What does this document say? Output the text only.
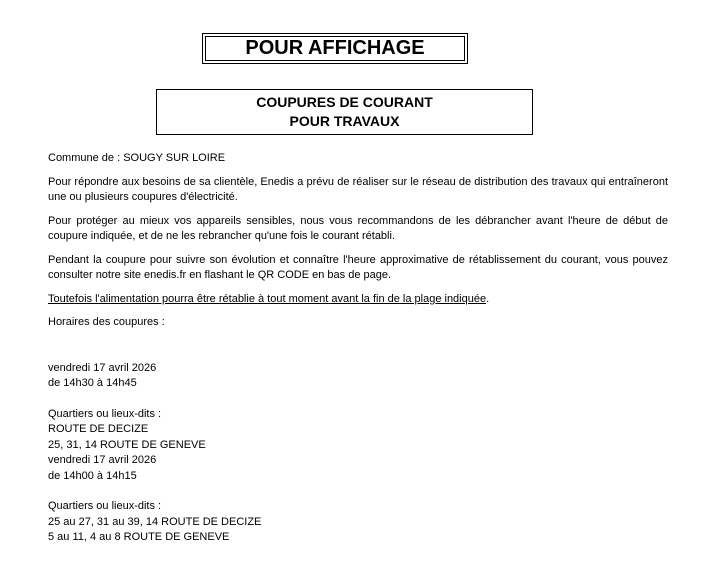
POUR AFFICHAGE
COUPURES DE COURANT
POUR TRAVAUX

Commune de : SOUGY SUR LOIRE

Pour répondre aux besoins de sa clientèle, Enedis a prévu de réaliser sur le réseau de distribution des travaux qui entraîneront une ou plusieurs coupures d'électricité.

Pour protéger au mieux vos appareils sensibles, nous vous recommandons de les débrancher avant l'heure de début de coupure indiquée, et de ne les rebrancher qu'une fois le courant rétabli.

Pendant la coupure pour suivre son évolution et connaître l'heure approximative de rétablissement du courant, vous pouvez consulter notre site enedis.fr en flashant le QR CODE en bas de page.

Toutefois l'alimentation pourra être rétablie à tout moment avant la fin de la plage indiquée.

Horaires des coupures :

vendredi 17 avril 2026
de 14h30 à 14h45
Quartiers ou lieux-dits :
ROUTE DE DECIZE
25, 31, 14 ROUTE DE GENEVE
vendredi 17 avril 2026
de 14h00 à 14h15
Quartiers ou lieux-dits :
25 au 27, 31 au 39, 14 ROUTE DE DECIZE
5 au 11, 4 au 8 ROUTE DE GENEVE
